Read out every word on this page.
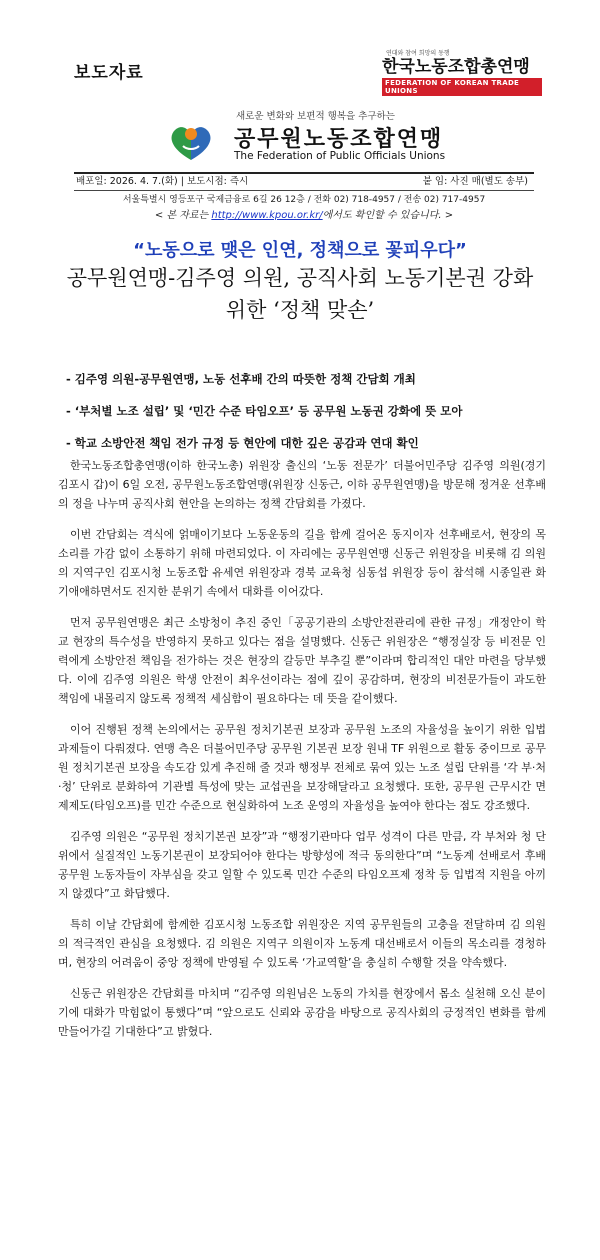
보도자료
연대와 참여 희망의 동행
한국노동조합총연맹
FEDERATION OF KOREAN TRADE UNIONS
새로운 변화와 보편적 행복을 추구하는
공무원노동조합연맹
The Federation of Public Officials Unions
배포일: 2026. 4. 7.(화) | 보도시점: 즉시	붙 임: 사진 매(별도 송부)
서울특별시 영등포구 국제금융로 6길 26 12층 / 전화 02) 718-4957 / 전송 02) 717-4957
< 본 자료는 http://www.kpou.or.kr/에서도 확인할 수 있습니다. >
“노동으로 맺은 인연, 정책으로 꽃피우다”
공무원연맹-김주영 의원, 공직사회 노동기본권 강화
위한 ‘정책 맞손’
- 김주영 의원-공무원연맹, 노동 선후배 간의 따뜻한 정책 간담회 개최
- ‘부처별 노조 설립’ 및 ‘민간 수준 타임오프’ 등 공무원 노동권 강화에 뜻 모아
- 학교 소방안전 책임 전가 규정 등 현안에 대한 깊은 공감과 연대 확인

한국노동조합총연맹(이하 한국노총) 위원장 출신의 ‘노동 전문가’ 더불어민주당 김주영 의원(경기 김포시 갑)이 6일 오전, 공무원노동조합연맹(위원장 신동근, 이하 공무원연맹)을 방문해 정겨운 선후배의 정을 나누며 공직사회 현안을 논의하는 정책 간담회를 가졌다.

이번 간담회는 격식에 얽매이기보다 노동운동의 길을 함께 걸어온 동지이자 선후배로서, 현장의 목소리를 가감 없이 소통하기 위해 마련되었다. 이 자리에는 공무원연맹 신동근 위원장을 비롯해 김 의원의 지역구인 김포시청 노동조합 유세연 위원장과 경북 교육청 심동섭 위원장 등이 참석해 시종일관 화기애애하면서도 진지한 분위기 속에서 대화를 이어갔다.

먼저 공무원연맹은 최근 소방청이 추진 중인「공공기관의 소방안전관리에 관한 규정」개정안이 학교 현장의 특수성을 반영하지 못하고 있다는 점을 설명했다. 신동근 위원장은 “행정실장 등 비전문 인력에게 소방안전 책임을 전가하는 것은 현장의 갈등만 부추길 뿐”이라며 합리적인 대안 마련을 당부했다. 이에 김주영 의원은 학생 안전이 최우선이라는 점에 깊이 공감하며, 현장의 비전문가들이 과도한 책임에 내몰리지 않도록 정책적 세심함이 필요하다는 데 뜻을 같이했다.

이어 진행된 정책 논의에서는 공무원 정치기본권 보장과 공무원 노조의 자율성을 높이기 위한 입법 과제들이 다뤄졌다. 연맹 측은 더불어민주당 공무원 기본권 보장 원내 TF 위원으로 활동 중이므로 공무원 정치기본권 보장을 속도감 있게 추진해 줄 것과 행정부 전체로 묶여 있는 노조 설립 단위를 ‘각 부·처·청’ 단위로 분화하여 기관별 특성에 맞는 교섭권을 보장해달라고 요청했다. 또한, 공무원 근무시간 면제제도(타임오프)를 민간 수준으로 현실화하여 노조 운영의 자율성을 높여야 한다는 점도 강조했다.

김주영 의원은 “공무원 정치기본권 보장”과 “행정기관마다 업무 성격이 다른 만큼, 각 부처와 청 단위에서 실질적인 노동기본권이 보장되어야 한다는 방향성에 적극 동의한다”며 “노동계 선배로서 후배 공무원 노동자들이 자부심을 갖고 일할 수 있도록 민간 수준의 타임오프제 정착 등 입법적 지원을 아끼지 않겠다”고 화답했다.

특히 이날 간담회에 함께한 김포시청 노동조합 위원장은 지역 공무원들의 고충을 전달하며 김 의원의 적극적인 관심을 요청했다. 김 의원은 지역구 의원이자 노동계 대선배로서 이들의 목소리를 경청하며, 현장의 어려움이 중앙 정책에 반영될 수 있도록 ‘가교역할’을 충실히 수행할 것을 약속했다.

신동근 위원장은 간담회를 마치며 “김주영 의원님은 노동의 가치를 현장에서 몸소 실천해 오신 분이기에 대화가 막힘없이 통했다”며 “앞으로도 신뢰와 공감을 바탕으로 공직사회의 긍정적인 변화를 함께 만들어가길 기대한다”고 밝혔다.
